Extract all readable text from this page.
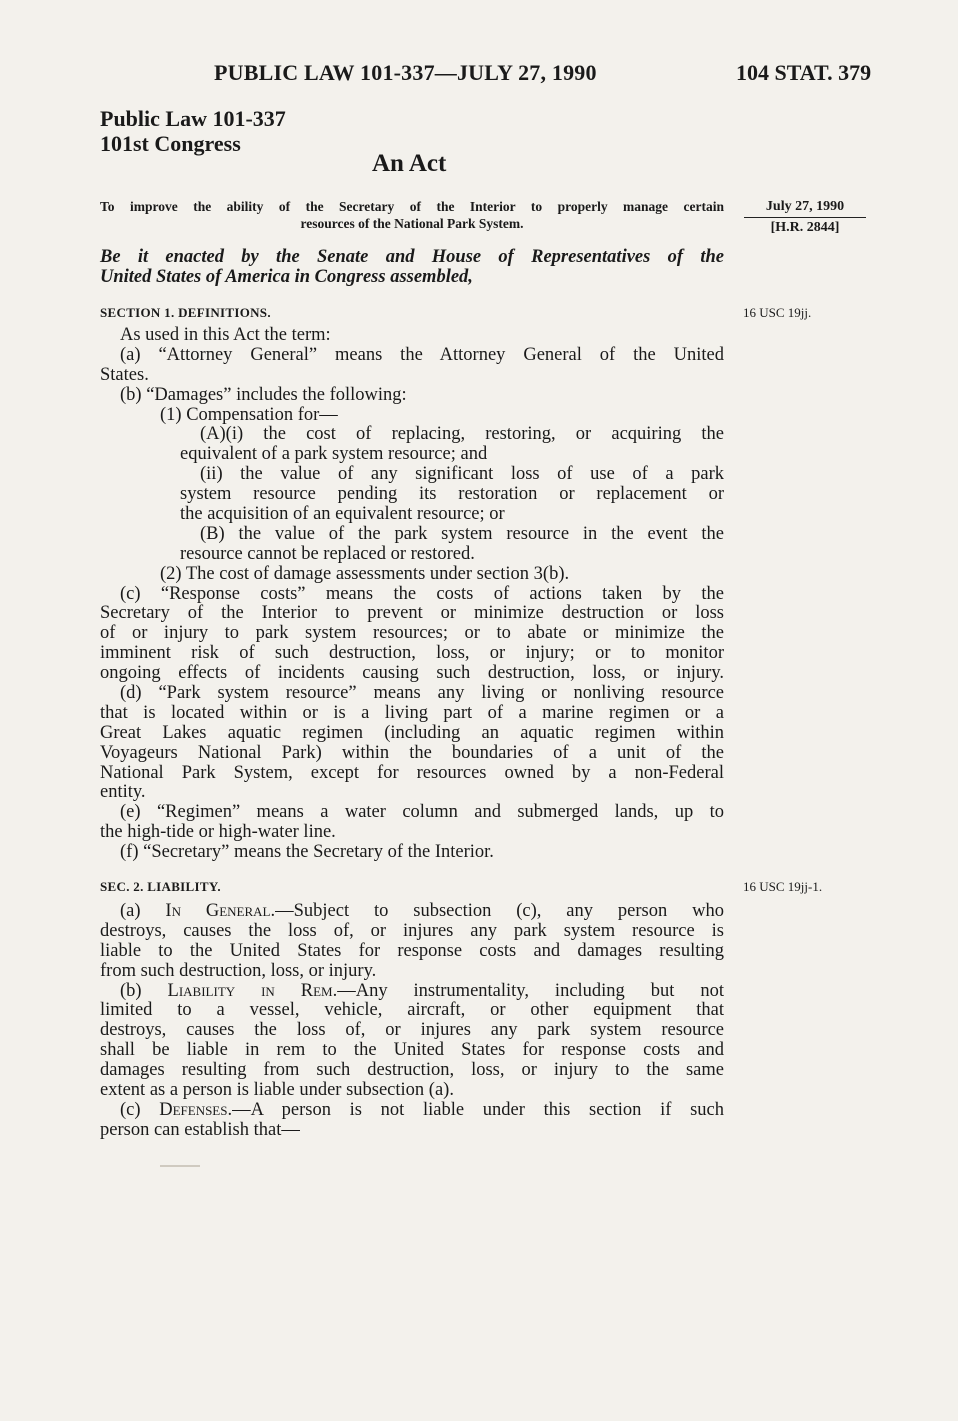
PUBLIC LAW 101-337—JULY 27, 1990	104 STAT. 379
Public Law 101-337
101st Congress
An Act
To improve the ability of the Secretary of the Interior to properly manage certain
resources of the National Park System.
July 27, 1990
[H.R. 2844]
Be it enacted by the Senate and House of Representatives of the
United States of America in Congress assembled,
SECTION 1. DEFINITIONS.	16 USC 19jj.
As used in this Act the term:
(a) “Attorney General” means the Attorney General of the United
States.
(b) “Damages” includes the following:
(1) Compensation for—
(A)(i) the cost of replacing, restoring, or acquiring the
equivalent of a park system resource; and
(ii) the value of any significant loss of use of a park
system resource pending its restoration or replacement or
the acquisition of an equivalent resource; or
(B) the value of the park system resource in the event the
resource cannot be replaced or restored.
(2) The cost of damage assessments under section 3(b).
(c) “Response costs” means the costs of actions taken by the
Secretary of the Interior to prevent or minimize destruction or loss
of or injury to park system resources; or to abate or minimize the
imminent risk of such destruction, loss, or injury; or to monitor
ongoing effects of incidents causing such destruction, loss, or injury.
(d) “Park system resource” means any living or nonliving resource
that is located within or is a living part of a marine regimen or a
Great Lakes aquatic regimen (including an aquatic regimen within
Voyageurs National Park) within the boundaries of a unit of the
National Park System, except for resources owned by a non-Federal
entity.
(e) “Regimen” means a water column and submerged lands, up to
the high-tide or high-water line.
(f) “Secretary” means the Secretary of the Interior.
SEC. 2. LIABILITY.	16 USC 19jj-1.
(a) In General.—Subject to subsection (c), any person who
destroys, causes the loss of, or injures any park system resource is
liable to the United States for response costs and damages resulting
from such destruction, loss, or injury.
(b) Liability in Rem.—Any instrumentality, including but not
limited to a vessel, vehicle, aircraft, or other equipment that
destroys, causes the loss of, or injures any park system resource
shall be liable in rem to the United States for response costs and
damages resulting from such destruction, loss, or injury to the same
extent as a person is liable under subsection (a).
(c) Defenses.—A person is not liable under this section if such
person can establish that—
